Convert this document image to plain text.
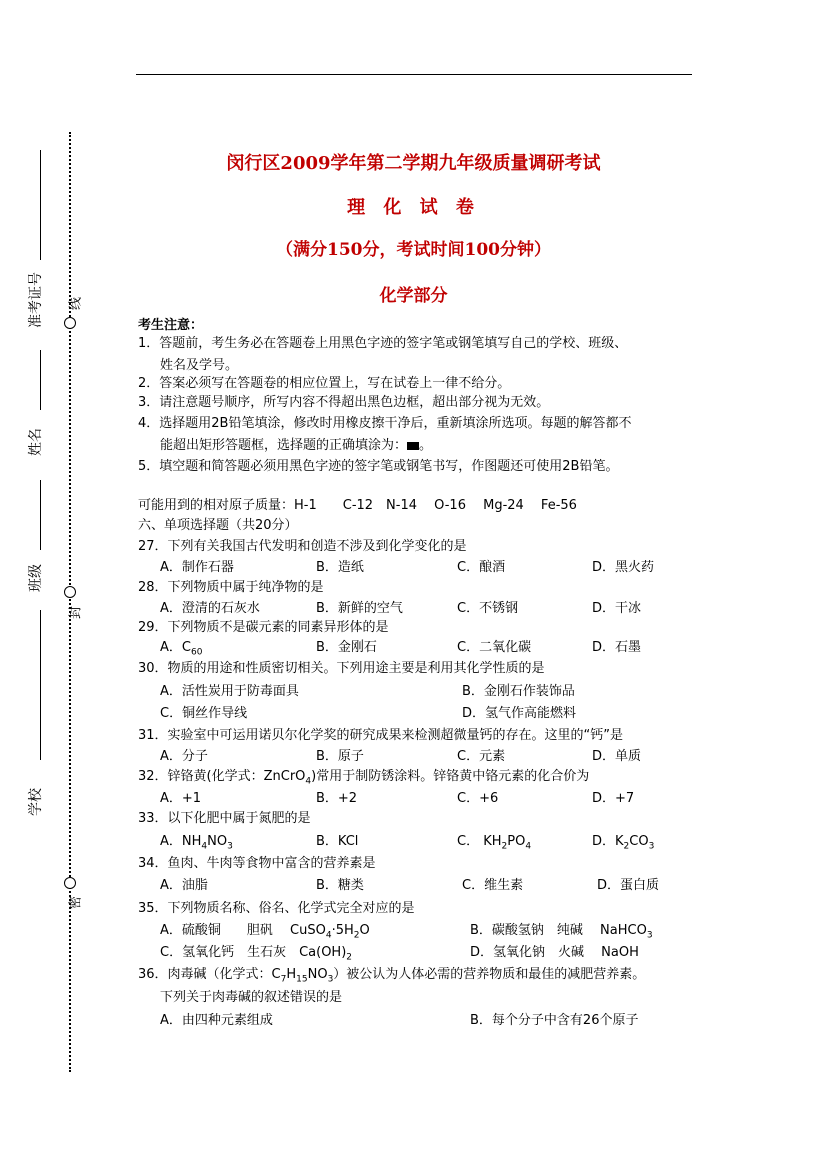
准考证号
姓名
班级
学校
线
封
密
闵行区2009学年第二学期九年级质量调研考试
理 化 试 卷
（满分150分，考试时间100分钟）
化学部分
考生注意：
1．答题前，考生务必在答题卷上用黑色字迹的签字笔或钢笔填写自己的学校、班级、
姓名及学号。
2．答案必须写在答题卷的相应位置上，写在试卷上一律不给分。
3．请注意题号顺序，所写内容不得超出黑色边框，超出部分视为无效。
4．选择题用2B铅笔填涂，修改时用橡皮擦干净后，重新填涂所选项。每题的解答都不
能超出矩形答题框，选择题的正确填涂为： 。
5．填空题和简答题必须用黑色字迹的签字笔或钢笔书写，作图题还可使用2B铅笔。
可能用到的相对原子质量：H-1　　C-12　N-14　 O-16　 Mg-24　 Fe-56
六、单项选择题（共20分）
27．下列有关我国古代发明和创造不涉及到化学变化的是
A．制作石器	B．造纸	C．酿酒	D．黑火药
28．下列物质中属于纯净物的是
A．澄清的石灰水	B．新鲜的空气	C．不锈钢	D．干冰
29．下列物质不是碳元素的同素异形体的是
A．$C_{60}$	B．金刚石	C．二氧化碳	D．石墨
30．物质的用途和性质密切相关。下列用途主要是利用其化学性质的是
A．活性炭用于防毒面具	B．金刚石作装饰品
C．铜丝作导线	D．氢气作高能燃料
31．实验室中可运用诺贝尔化学奖的研究成果来检测超微量钙的存在。这里的“钙”是
A．分子	B．原子	C．元素	D．单质
32．锌铬黄(化学式：ZnCrO$_4$)常用于制防锈涂料。锌铬黄中铬元素的化合价为
A．+1	B．+2	C．+6	D．+7
33．以下化肥中属于氮肥的是
A．$NH_4NO_3$	B．KCl	C． $KH_2PO_4$	D．$K_2CO_3$
34．鱼肉、牛肉等食物中富含的营养素是
A．油脂	B．糖类	C．维生素	D．蛋白质
35．下列物质名称、俗名、化学式完全对应的是
A．硫酸铜　　胆矾　 $CuSO_4\cdot 5H_2O$	B．碳酸氢钠　纯碱　 NaHCO$_3$
C．氢氧化钙　生石灰　$Ca(OH)_2$	D．氢氧化钠　火碱　 NaOH
36．肉毒碱（化学式：$C_7H_{15}NO_3$）被公认为人体必需的营养物质和最佳的减肥营养素。
下列关于肉毒碱的叙述错误的是
A．由四种元素组成	B．每个分子中含有26个原子
